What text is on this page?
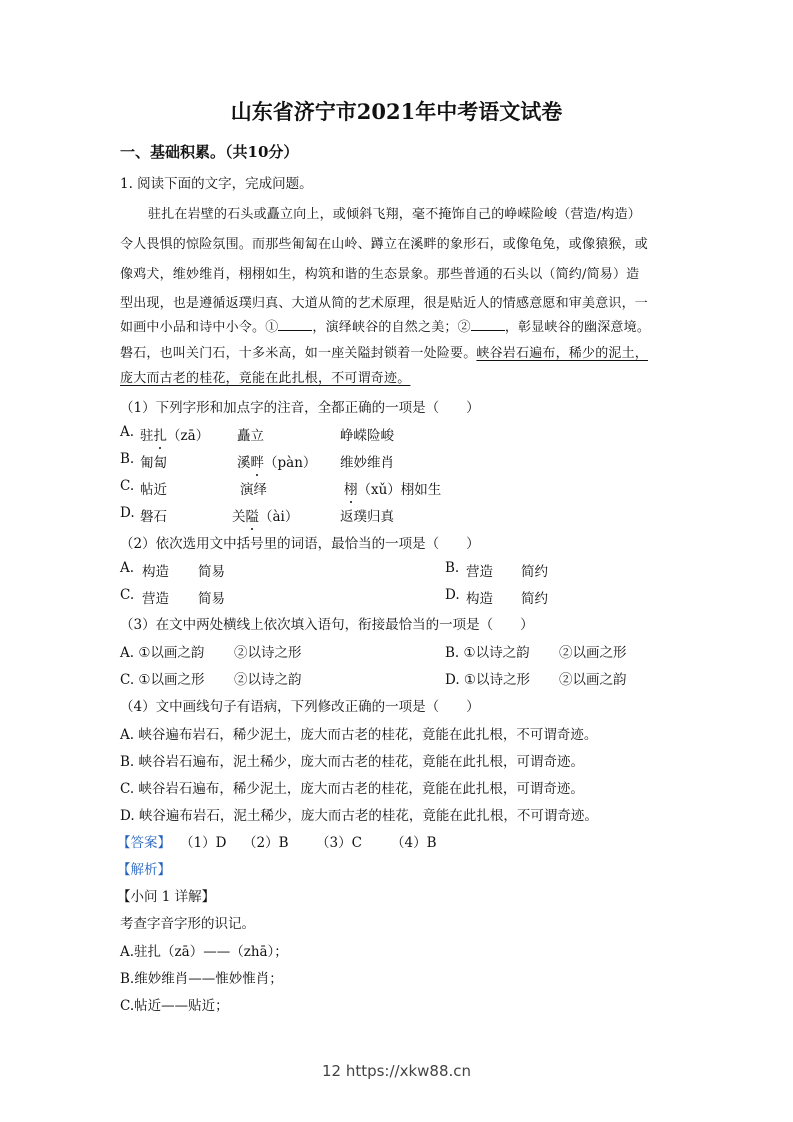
山东省济宁市2021年中考语文试卷
一、基础积累。（共10分）
1. 阅读下面的文字，完成问题。
驻扎在岩壁的石头或矗立向上，或倾斜飞翔，毫不掩饰自己的峥嵘险峻（营造/构造）
令人畏惧的惊险氛围。而那些匍匐在山岭、蹲立在溪畔的象形石，或像龟兔，或像猿猴，或
像鸡犬，维妙维肖，栩栩如生，构筑和谐的生态景象。那些普通的石头以（简约/简易）造
型出现，也是遵循返璞归真、大道从简的艺术原理，很是贴近人的情感意愿和审美意识，一
如画中小品和诗中小令。①	，演绎峡谷的自然之美；②	，彰显峡谷的幽深意境。
磐石，也叫关门石，十多米高，如一座关隘封锁着一处险要。峡谷岩石遍布，稀少的泥土，
庞大而古老的桂花，竟能在此扎根，不可谓奇迹。
（1）下列字形和加点字的注音，全都正确的一项是（　　）
A. 驻扎（zā） 矗立	峥嵘险峻
B. 匍匐	溪畔（pàn） 维妙维肖
C. 帖近	演绎	栩（xǔ）栩如生
D. 磐石	关隘（ài）	返璞归真
（2）依次选用文中括号里的词语，最恰当的一项是（　　）
A. 构造 简易	B. 营造 简约
C. 营造 简易	D. 构造 简约
（3）在文中两处横线上依次填入语句，衔接最恰当的一项是（　　）
A. ①以画之韵 ②以诗之形	B. ①以诗之韵 ②以画之形
C. ①以画之形 ②以诗之韵	D. ①以诗之形 ②以画之韵
（4）文中画线句子有语病，下列修改正确的一项是（　　）
A. 峡谷遍布岩石，稀少泥土，庞大而古老的桂花，竟能在此扎根，不可谓奇迹。
B. 峡谷岩石遍布，泥土稀少，庞大而古老的桂花，竟能在此扎根，可谓奇迹。
C. 峡谷岩石遍布，稀少泥土，庞大而古老的桂花，竟能在此扎根，可谓奇迹。
D. 峡谷遍布岩石，泥土稀少，庞大而古老的桂花，竟能在此扎根，不可谓奇迹。
【答案】 （1）D （2）B （3）C （4）B
【解析】
【小问 1 详解】
考查字音字形的识记。
A.驻扎（zā）——（zhā）；
B.维妙维肖——惟妙惟肖；
C.帖近——贴近；
12 https://xkw88.cn
